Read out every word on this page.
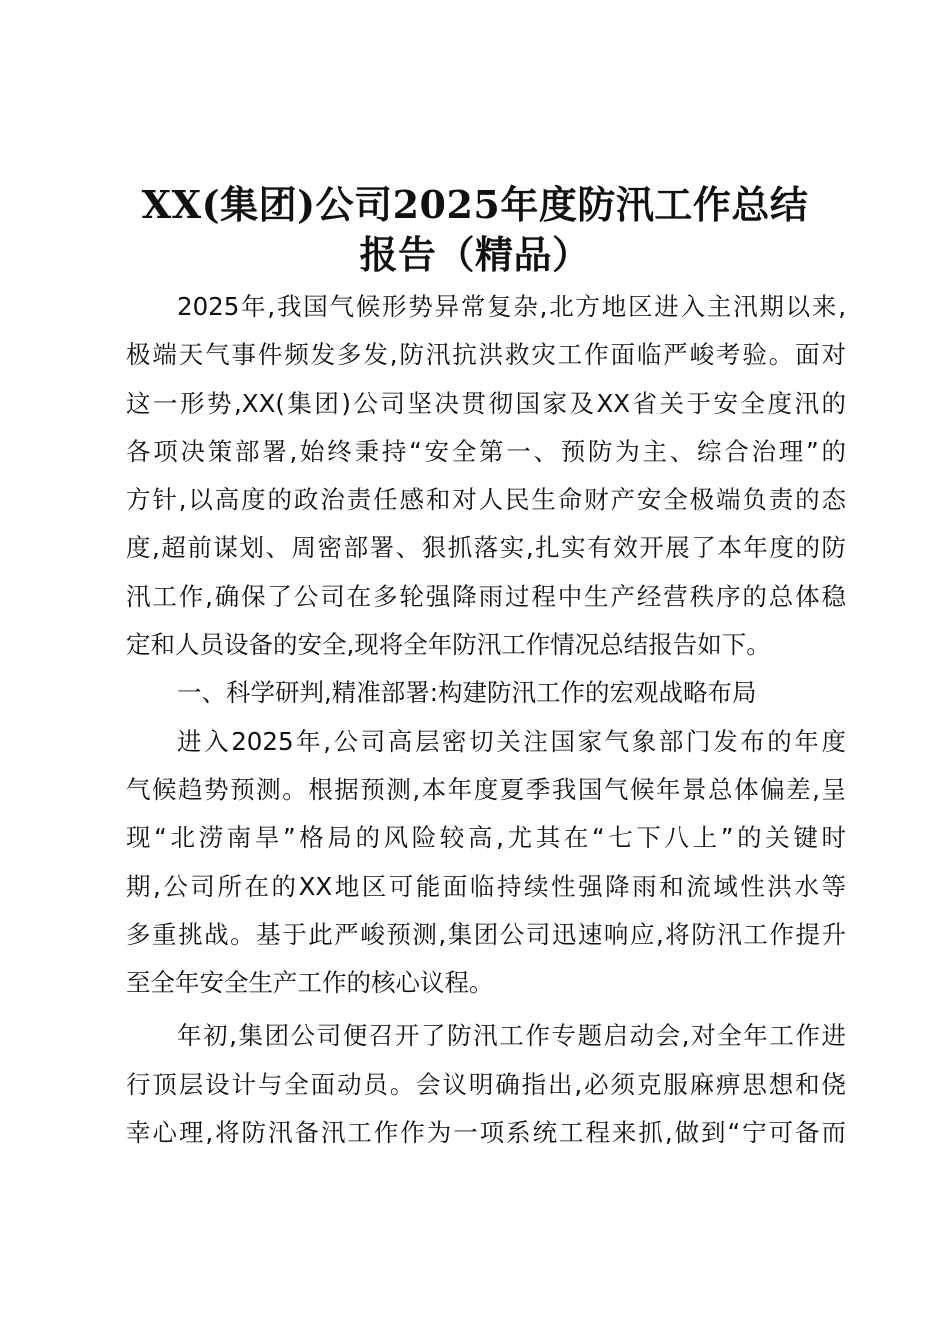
XX(集团)公司2025年度防汛工作总结
报告（精品）
2025年,我国气候形势异常复杂,北方地区进入主汛期以来,
极端天气事件频发多发,防汛抗洪救灾工作面临严峻考验。面对
这一形势,XX(集团)公司坚决贯彻国家及XX省关于安全度汛的
各项决策部署,始终秉持“安全第一、预防为主、综合治理”的
方针,以高度的政治责任感和对人民生命财产安全极端负责的态
度,超前谋划、周密部署、狠抓落实,扎实有效开展了本年度的防
汛工作,确保了公司在多轮强降雨过程中生产经营秩序的总体稳
定和人员设备的安全,现将全年防汛工作情况总结报告如下。
一、科学研判,精准部署:构建防汛工作的宏观战略布局
进入2025年,公司高层密切关注国家气象部门发布的年度
气候趋势预测。根据预测,本年度夏季我国气候年景总体偏差,呈
现“北涝南旱”格局的风险较高,尤其在“七下八上”的关键时
期,公司所在的XX地区可能面临持续性强降雨和流域性洪水等
多重挑战。基于此严峻预测,集团公司迅速响应,将防汛工作提升
至全年安全生产工作的核心议程。
年初,集团公司便召开了防汛工作专题启动会,对全年工作进
行顶层设计与全面动员。会议明确指出,必须克服麻痹思想和侥
幸心理,将防汛备汛工作作为一项系统工程来抓,做到“宁可备而
